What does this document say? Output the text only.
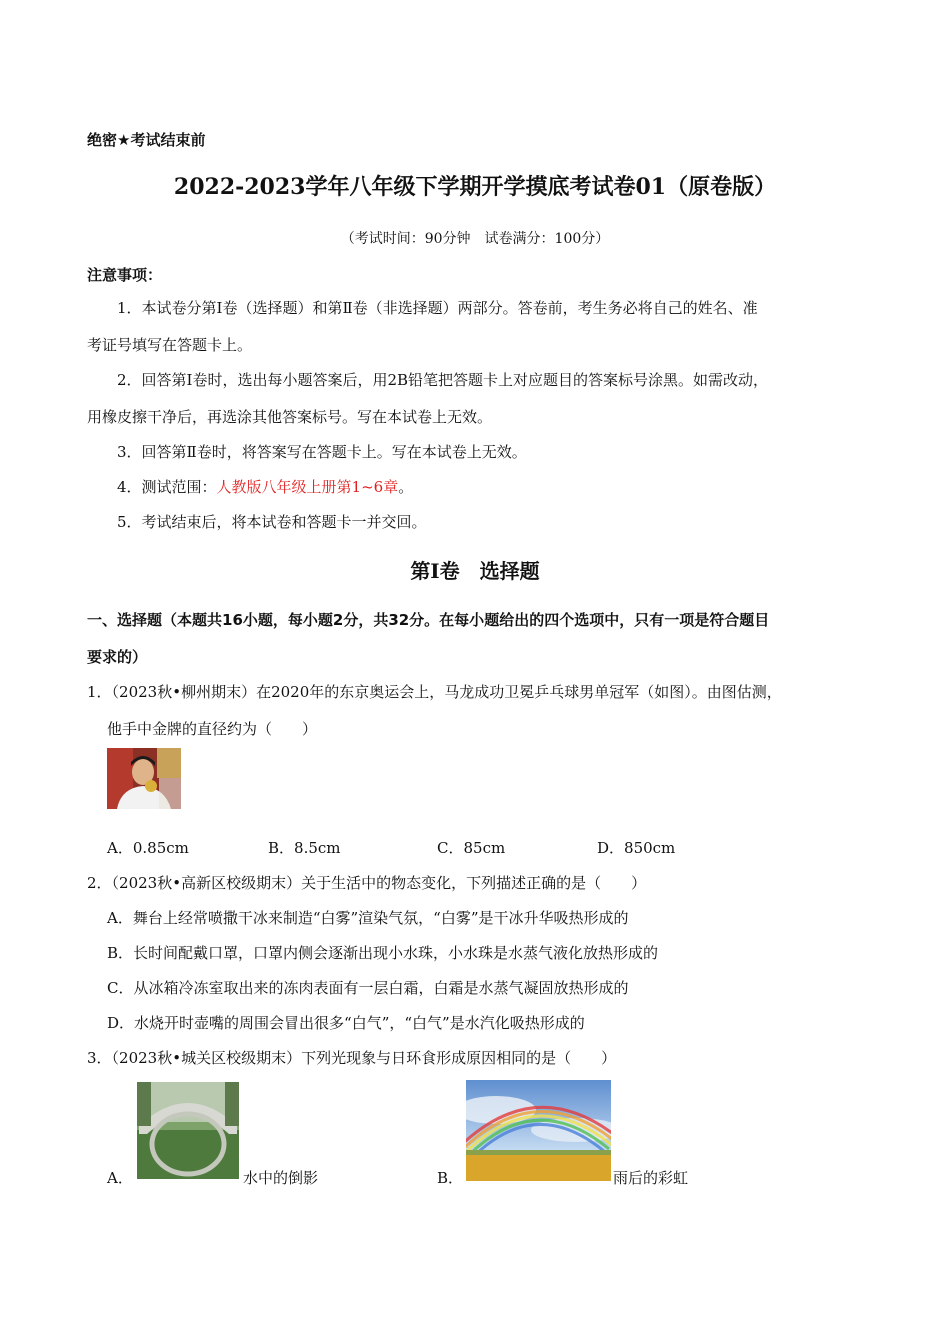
绝密★考试结束前
2022-2023学年八年级下学期开学摸底考试卷01（原卷版）
（考试时间：90分钟　试卷满分：100分）
注意事项：
1．本试卷分第Ⅰ卷（选择题）和第Ⅱ卷（非选择题）两部分。答卷前，考生务必将自己的姓名、准
考证号填写在答题卡上。
2．回答第Ⅰ卷时，选出每小题答案后，用2B铅笔把答题卡上对应题目的答案标号涂黑。如需改动，
用橡皮擦干净后，再选涂其他答案标号。写在本试卷上无效。
3．回答第Ⅱ卷时，将答案写在答题卡上。写在本试卷上无效。
4．测试范围：人教版八年级上册第1~6章。
5．考试结束后，将本试卷和答题卡一并交回。
第Ⅰ卷　选择题
一、选择题（本题共16小题，每小题2分，共32分。在每小题给出的四个选项中，只有一项是符合题目
要求的）
1．（2023秋•柳州期末）在2020年的东京奥运会上，马龙成功卫冕乒乓球男单冠军（如图）。由图估测，
他手中金牌的直径约为（　　）
A．0.85cm	B．8.5cm	C．85cm	D．850cm
2．（2023秋•高新区校级期末）关于生活中的物态变化，下列描述正确的是（　　）
A．舞台上经常喷撒干冰来制造“白雾”渲染气氛，“白雾”是干冰升华吸热形成的
B．长时间配戴口罩，口罩内侧会逐渐出现小水珠，小水珠是水蒸气液化放热形成的
C．从冰箱冷冻室取出来的冻肉表面有一层白霜，白霜是水蒸气凝固放热形成的
D．水烧开时壶嘴的周围会冒出很多“白气”，“白气”是水汽化吸热形成的
3．（2023秋•城关区校级期末）下列光现象与日环食形成原因相同的是（　　）
A．	水中的倒影	B．	雨后的彩虹
